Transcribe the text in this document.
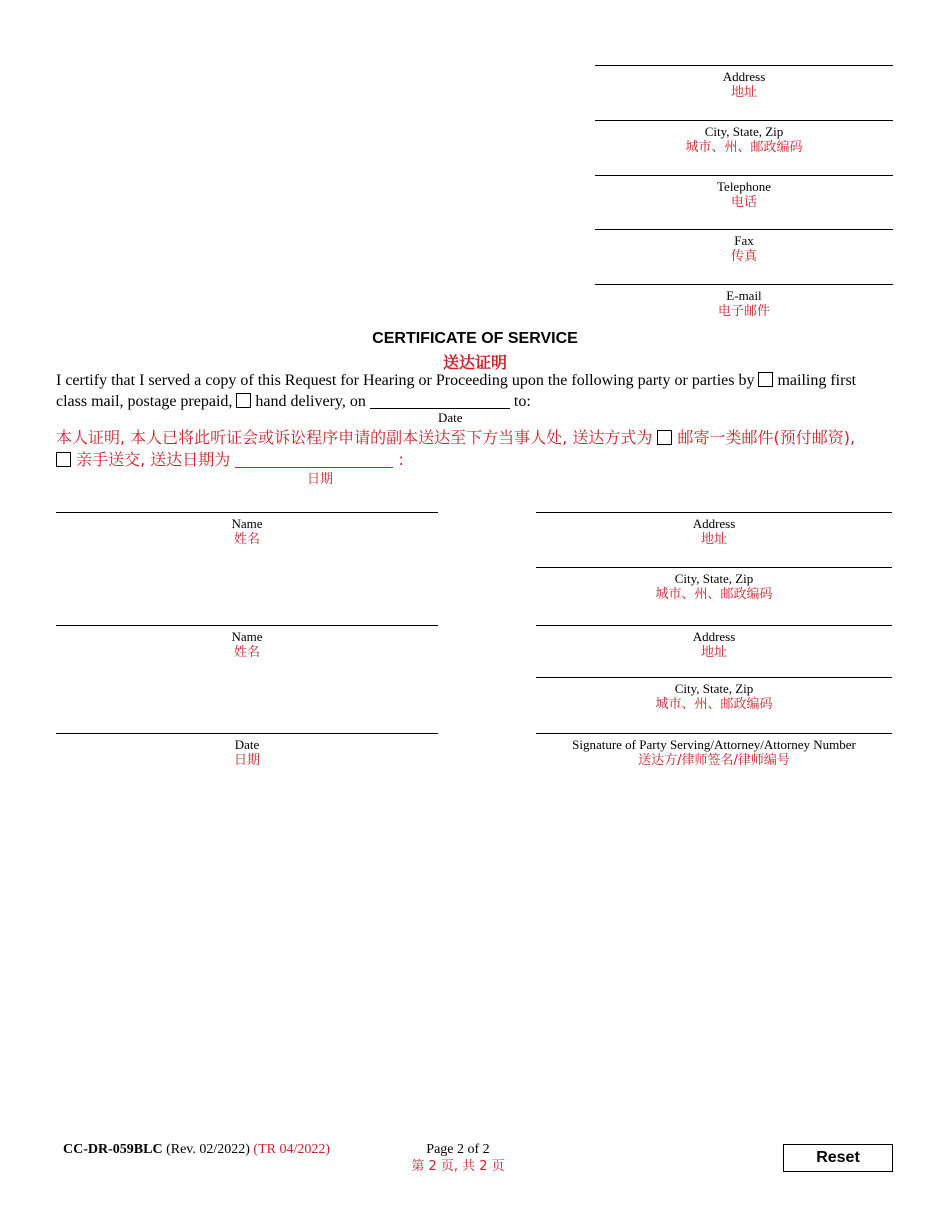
Address
地址
City, State, Zip
城市、州、邮政编码
Telephone
电话
Fax
传真
E-mail
电子邮件
CERTIFICATE OF SERVICE
送达证明
I certify that I served a copy of this Request for Hearing or Proceeding upon the following party or parties by mailing first
class mail, postage prepaid, hand delivery, on	to:
Date
本人证明, 本人已将此听证会或诉讼程序申请的副本送达至下方当事人处, 送达方式为 邮寄一类邮件(预付邮资),
亲手送交, 送达日期为	:
日期
Name
姓名
Name
姓名
Date
日期
Address
地址
City, State, Zip
城市、州、邮政编码
Address
地址
City, State, Zip
城市、州、邮政编码
Signature of Party Serving/Attorney/Attorney Number
送达方/律师签名/律师编号
CC-DR-059BLC (Rev. 02/2022) (TR 04/2022)	Page 2 of 2
第 2 页, 共 2 页
Reset
